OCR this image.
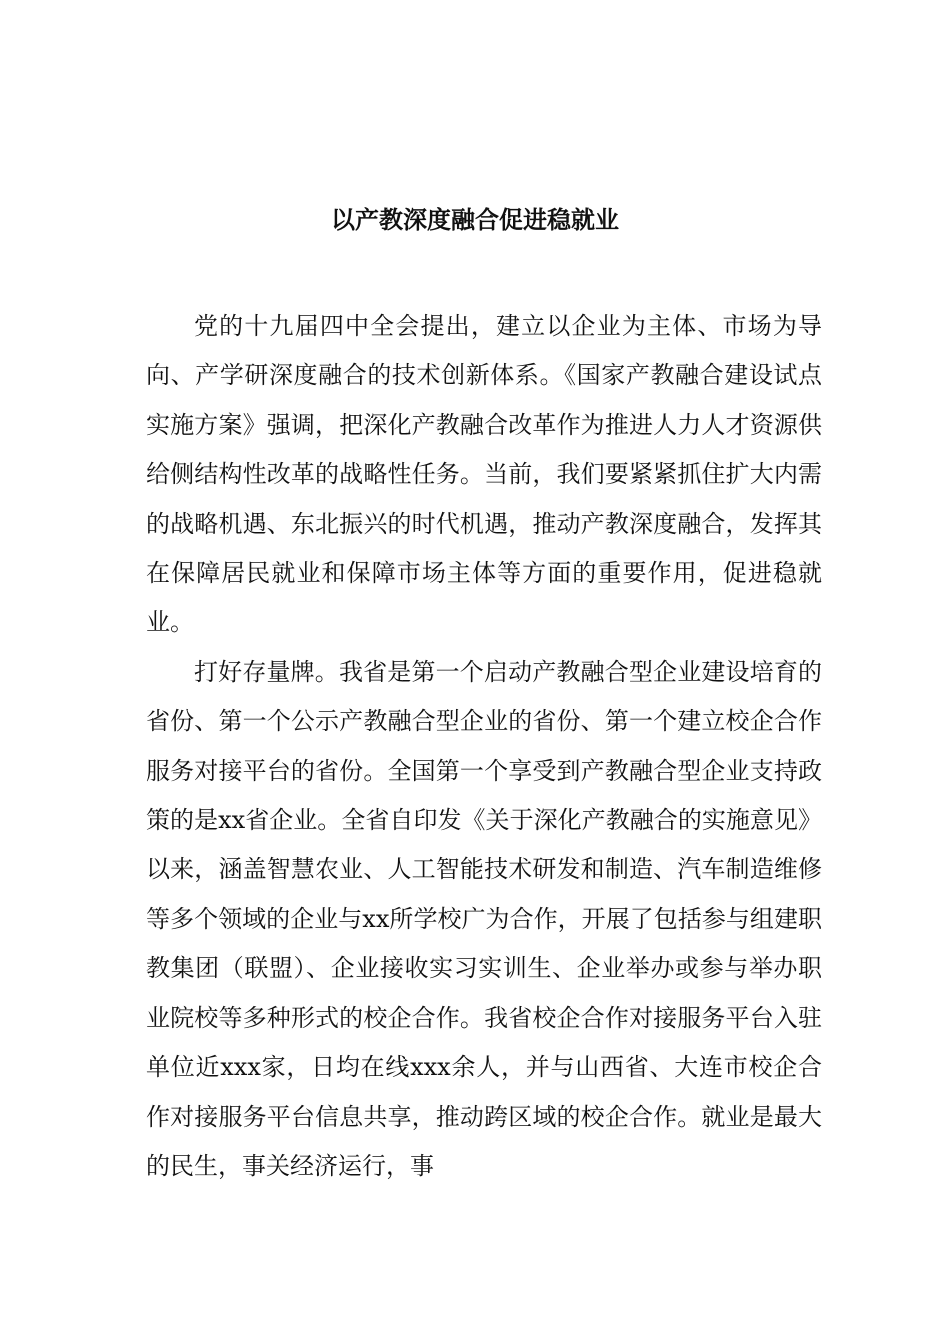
以产教深度融合促进稳就业

党的十九届四中全会提出，建立以企业为主体、市场为导向、产学研深度融合的技术创新体系。《国家产教融合建设试点实施方案》强调，把深化产教融合改革作为推进人力人才资源供给侧结构性改革的战略性任务。当前，我们要紧紧抓住扩大内需的战略机遇、东北振兴的时代机遇，推动产教深度融合，发挥其在保障居民就业和保障市场主体等方面的重要作用，促进稳就业。

打好存量牌。我省是第一个启动产教融合型企业建设培育的省份、第一个公示产教融合型企业的省份、第一个建立校企合作服务对接平台的省份。全国第一个享受到产教融合型企业支持政策的是xx省企业。全省自印发《关于深化产教融合的实施意见》以来，涵盖智慧农业、人工智能技术研发和制造、汽车制造维修等多个领域的企业与xx所学校广为合作，开展了包括参与组建职教集团（联盟）、企业接收实习实训生、企业举办或参与举办职业院校等多种形式的校企合作。我省校企合作对接服务平台入驻单位近xxx家，日均在线xxx余人，并与山西省、大连市校企合作对接服务平台信息共享，推动跨区域的校企合作。就业是最大的民生，事关经济运行，事
